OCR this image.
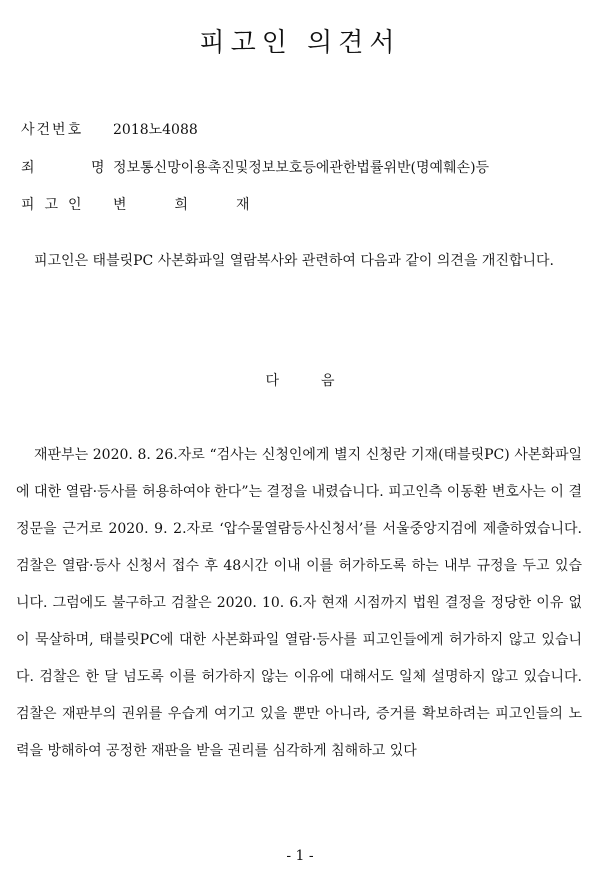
피고인 의견서
사건번호 2018노4088
죄 명정보통신망이용촉진및정보보호등에관한법률위반(명예훼손)등
피고인 변희재

피고인은 태블릿PC 사본화파일 열람복사와 관련하여 다음과 같이 의견을 개진합니다.

다음

재판부는 2020. 8. 26.자로 “검사는 신청인에게 별지 신청란 기재(태블릿PC) 사본화파일에 대한 열람·등사를 허용하여야 한다”는 결정을 내렸습니다. 피고인측 이동환 변호사는 이 결정문을 근거로 2020. 9. 2.자로 ‘압수물열람등사신청서’를 서울중앙지검에 제출하였습니다. 검찰은 열람·등사 신청서 접수 후 48시간 이내 이를 허가하도록 하는 내부 규정을 두고 있습니다. 그럼에도 불구하고 검찰은 2020. 10. 6.자 현재 시점까지 법원 결정을 정당한 이유 없이 묵살하며, 태블릿PC에 대한 사본화파일 열람·등사를 피고인들에게 허가하지 않고 있습니다. 검찰은 한 달 넘도록 이를 허가하지 않는 이유에 대해서도 일체 설명하지 않고 있습니다. 검찰은 재판부의 권위를 우습게 여기고 있을 뿐만 아니라, 증거를 확보하려는 피고인들의 노력을 방해하여 공정한 재판을 받을 권리를 심각하게 침해하고 있다

- 1 -
